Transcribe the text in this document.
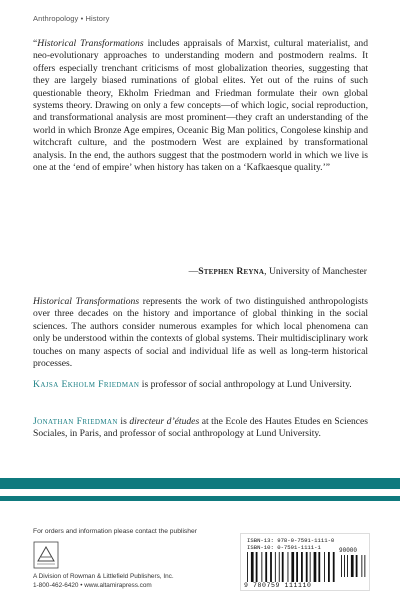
Anthropology • History

“Historical Transformations includes appraisals of Marxist, cultural materialist, and neo-evolutionary approaches to understanding modern and postmodern realms. It offers especially trenchant criticisms of most globalization theories, suggesting that they are largely biased ruminations of global elites. Yet out of the ruins of such questionable theory, Ekholm Friedman and Friedman formulate their own global systems theory. Drawing on only a few concepts—of which logic, social reproduction, and transformational analysis are most prominent—they craft an understanding of the world in which Bronze Age empires, Oceanic Big Man politics, Congolese kinship and witchcraft culture, and the postmodern West are explained by transformational analysis. In the end, the authors suggest that the postmodern world in which we live is one at the ‘end of empire’ when history has taken on a ‘Kafkaesque quality.’”

—Stephen Reyna, University of Manchester

Historical Transformations represents the work of two distinguished anthropologists over three decades on the history and importance of global thinking in the social sciences. The authors consider numerous examples for which local phenomena can only be understood within the contexts of global systems. Their multidisciplinary work touches on many aspects of social and individual life as well as long-term historical processes.

Kajsa Ekholm Friedman is professor of social anthropology at Lund University.

Jonathan Friedman is directeur d’études at the Ecole des Hautes Etudes en Sciences Sociales, in Paris, and professor of social anthropology at Lund University.

For orders and information please contact the publisher
A Division of Rowman & Littlefield Publishers, Inc.
1-800-462-6420 • www.altamirapress.com
ISBN-13: 978-0-7591-1111-0
ISBN-10: 0-7591-1111-1
9 780759 111110
90000
